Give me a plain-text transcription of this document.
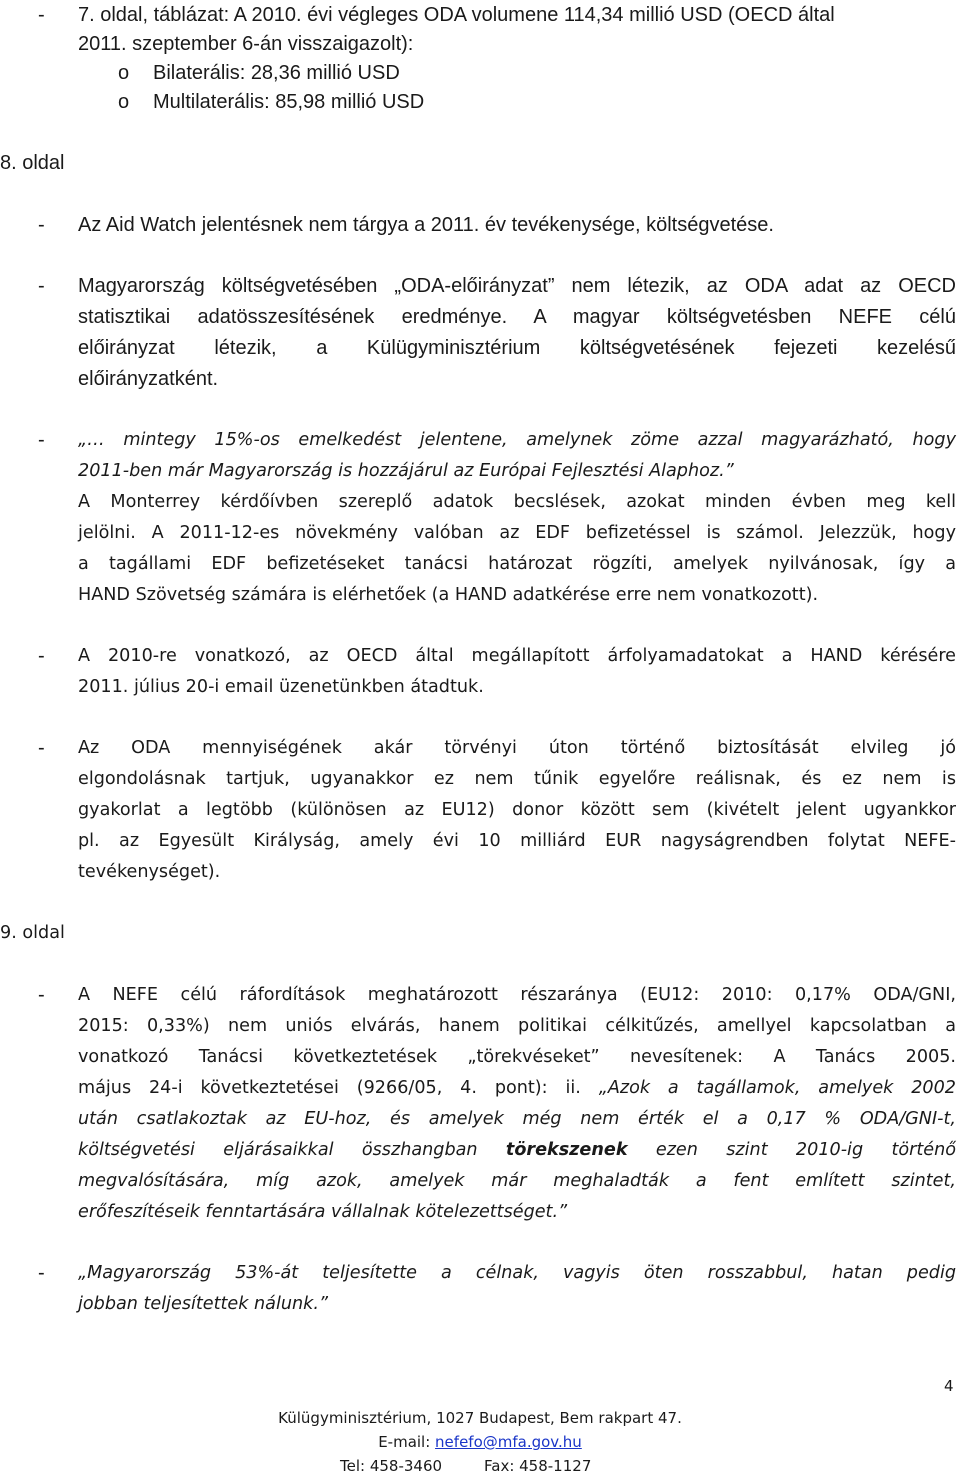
- 7. oldal, táblázat: A 2010. évi végleges ODA volumene 114,34 millió USD (OECD által
2011. szeptember 6-án visszaigazolt):
o Bilaterális: 28,36 millió USD
o Multilaterális: 85,98 millió USD
8. oldal
- Az Aid Watch jelentésnek nem tárgya a 2011. év tevékenysége, költségvetése.
- Magyarország költségvetésében „ODA-előirányzat” nem létezik, az ODA adat az OECD
statisztikai adatösszesítésének eredménye. A magyar költségvetésben NEFE célú
előirányzat létezik, a Külügyminisztérium költségvetésének fejezeti kezelésű
előirányzatként.
- „… mintegy 15%-os emelkedést jelentene, amelynek zöme azzal magyarázható, hogy
2011-ben már Magyarország is hozzájárul az Európai Fejlesztési Alaphoz.”
A Monterrey kérdőívben szereplő adatok becslések, azokat minden évben meg kell
jelölni. A 2011-12-es növekmény valóban az EDF befizetéssel is számol. Jelezzük, hogy
a tagállami EDF befizetéseket tanácsi határozat rögzíti, amelyek nyilvánosak, így a
HAND Szövetség számára is elérhetőek (a HAND adatkérése erre nem vonatkozott).
- A 2010-re vonatkozó, az OECD által megállapított árfolyamadatokat a HAND kérésére
2011. július 20-i email üzenetünkben átadtuk.
- Az ODA mennyiségének akár törvényi úton történő biztosítását elvileg jó
elgondolásnak tartjuk, ugyanakkor ez nem tűnik egyelőre reálisnak, és ez nem is
gyakorlat a legtöbb (különösen az EU12) donor között sem (kivételt jelent ugyankkor
pl. az Egyesült Királyság, amely évi 10 milliárd EUR nagyságrendben folytat NEFE-
tevékenységet).
9. oldal
- A NEFE célú ráfordítások meghatározott részaránya (EU12: 2010: 0,17% ODA/GNI,
2015: 0,33%) nem uniós elvárás, hanem politikai célkitűzés, amellyel kapcsolatban a
vonatkozó Tanácsi következtetések „törekvéseket” nevesítenek: A Tanács 2005.
május 24-i következtetései (9266/05, 4. pont): ii. „Azok a tagállamok, amelyek 2002
után csatlakoztak az EU-hoz, és amelyek még nem érték el a 0,17 % ODA/GNI-t,
költségvetési eljárásaikkal összhangban törekszenek ezen szint 2010-ig történő
megvalósítására, míg azok, amelyek már meghaladták a fent említett szintet,
erőfeszítéseik fenntartására vállalnak kötelezettséget.”
- „Magyarország 53%-át teljesítette a célnak, vagyis öten rosszabbul, hatan pedig
jobban teljesítettek nálunk.”
4
Külügyminisztérium, 1027 Budapest, Bem rakpart 47.
E-mail: nefefo@mfa.gov.hu
Tel: 458-3460	Fax: 458-1127
